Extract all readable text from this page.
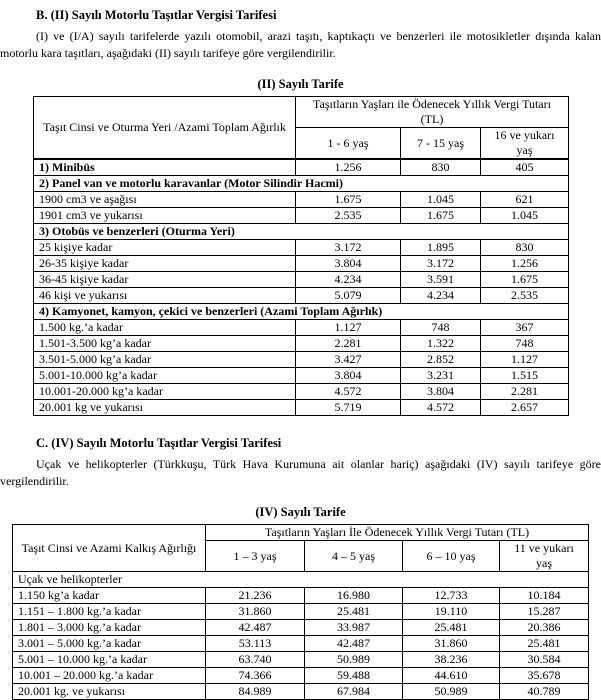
B. (II) Sayılı Motorlu Taşıtlar Vergisi Tarifesi

(I) ve (I/A) sayılı tarifelerde yazılı otomobil, arazi taşıtı, kaptıkaçtı ve benzerleri ile motosikletler dışında kalan motorlu kara taşıtları, aşağıdaki (II) sayılı tarifeye göre vergilendirilir.

(II) Sayılı Tarife
Taşıt Cinsi ve Oturma Yeri /Azami Toplam Ağırlık	Taşıtların Yaşları ile Ödenecek Yıllık Vergi Tutarı
(TL)		
	1 - 6 yaş	7 - 15 yaş	16 ve yukarı yaş
1) Minibüs	1.256	830	405
2) Panel van ve motorlu karavanlar (Motor Silindir Hacmi)			
1900 cm3 ve aşağısı	1.675	1.045	621
1901 cm3 ve yukarısı	2.535	1.675	1.045
3) Otobüs ve benzerleri (Oturma Yeri)			
25 kişiye kadar	3.172	1.895	830
26-35 kişiye kadar	3.804	3.172	1.256
36-45 kişiye kadar	4.234	3.591	1.675
46 kişi ve yukarısı	5.079	4.234	2.535
4) Kamyonet, kamyon, çekici ve benzerleri (Azami Toplam Ağırlık)			
1.500 kg.’a kadar	1.127	748	367
1.501-3.500 kg’a kadar	2.281	1.322	748
3.501-5.000 kg’a kadar	3.427	2.852	1.127
5.001-10.000 kg’a kadar	3.804	3.231	1.515
10.001-20.000 kg’a kadar	4.572	3.804	2.281
20.001 kg ve yukarısı	5.719	4.572	2.657
C. (IV) Sayılı Motorlu Taşıtlar Vergisi Tarifesi

Uçak ve helikopterler (Türkkuşu, Türk Hava Kurumuna ait olanlar hariç) aşağıdaki (IV) sayılı tarifeye göre vergilendirilir.

(IV) Sayılı Tarife
Taşıt Cinsi ve Azami Kalkış Ağırlığı	Taşıtların Yaşları İle Ödenecek Yıllık Vergi Tutarı (TL)			
	1 – 3 yaş	4 – 5 yaş	6 – 10 yaş	11 ve yukarı yaş
Uçak ve helikopterler				
1.150 kg’a kadar	21.236	16.980	12.733	10.184
1.151 – 1.800 kg.’a kadar	31.860	25.481	19.110	15.287
1.801 – 3.000 kg.’a kadar	42.487	33.987	25.481	20.386
3.001 – 5.000 kg.’a kadar	53.113	42.487	31.860	25.481
5.001 – 10.000 kg.’a kadar	63.740	50.989	38.236	30.584
10.001 – 20.000 kg.’a kadar	74.366	59.488	44.610	35.678
20.001 kg. ve yukarısı	84.989	67.984	50.989	40.789
